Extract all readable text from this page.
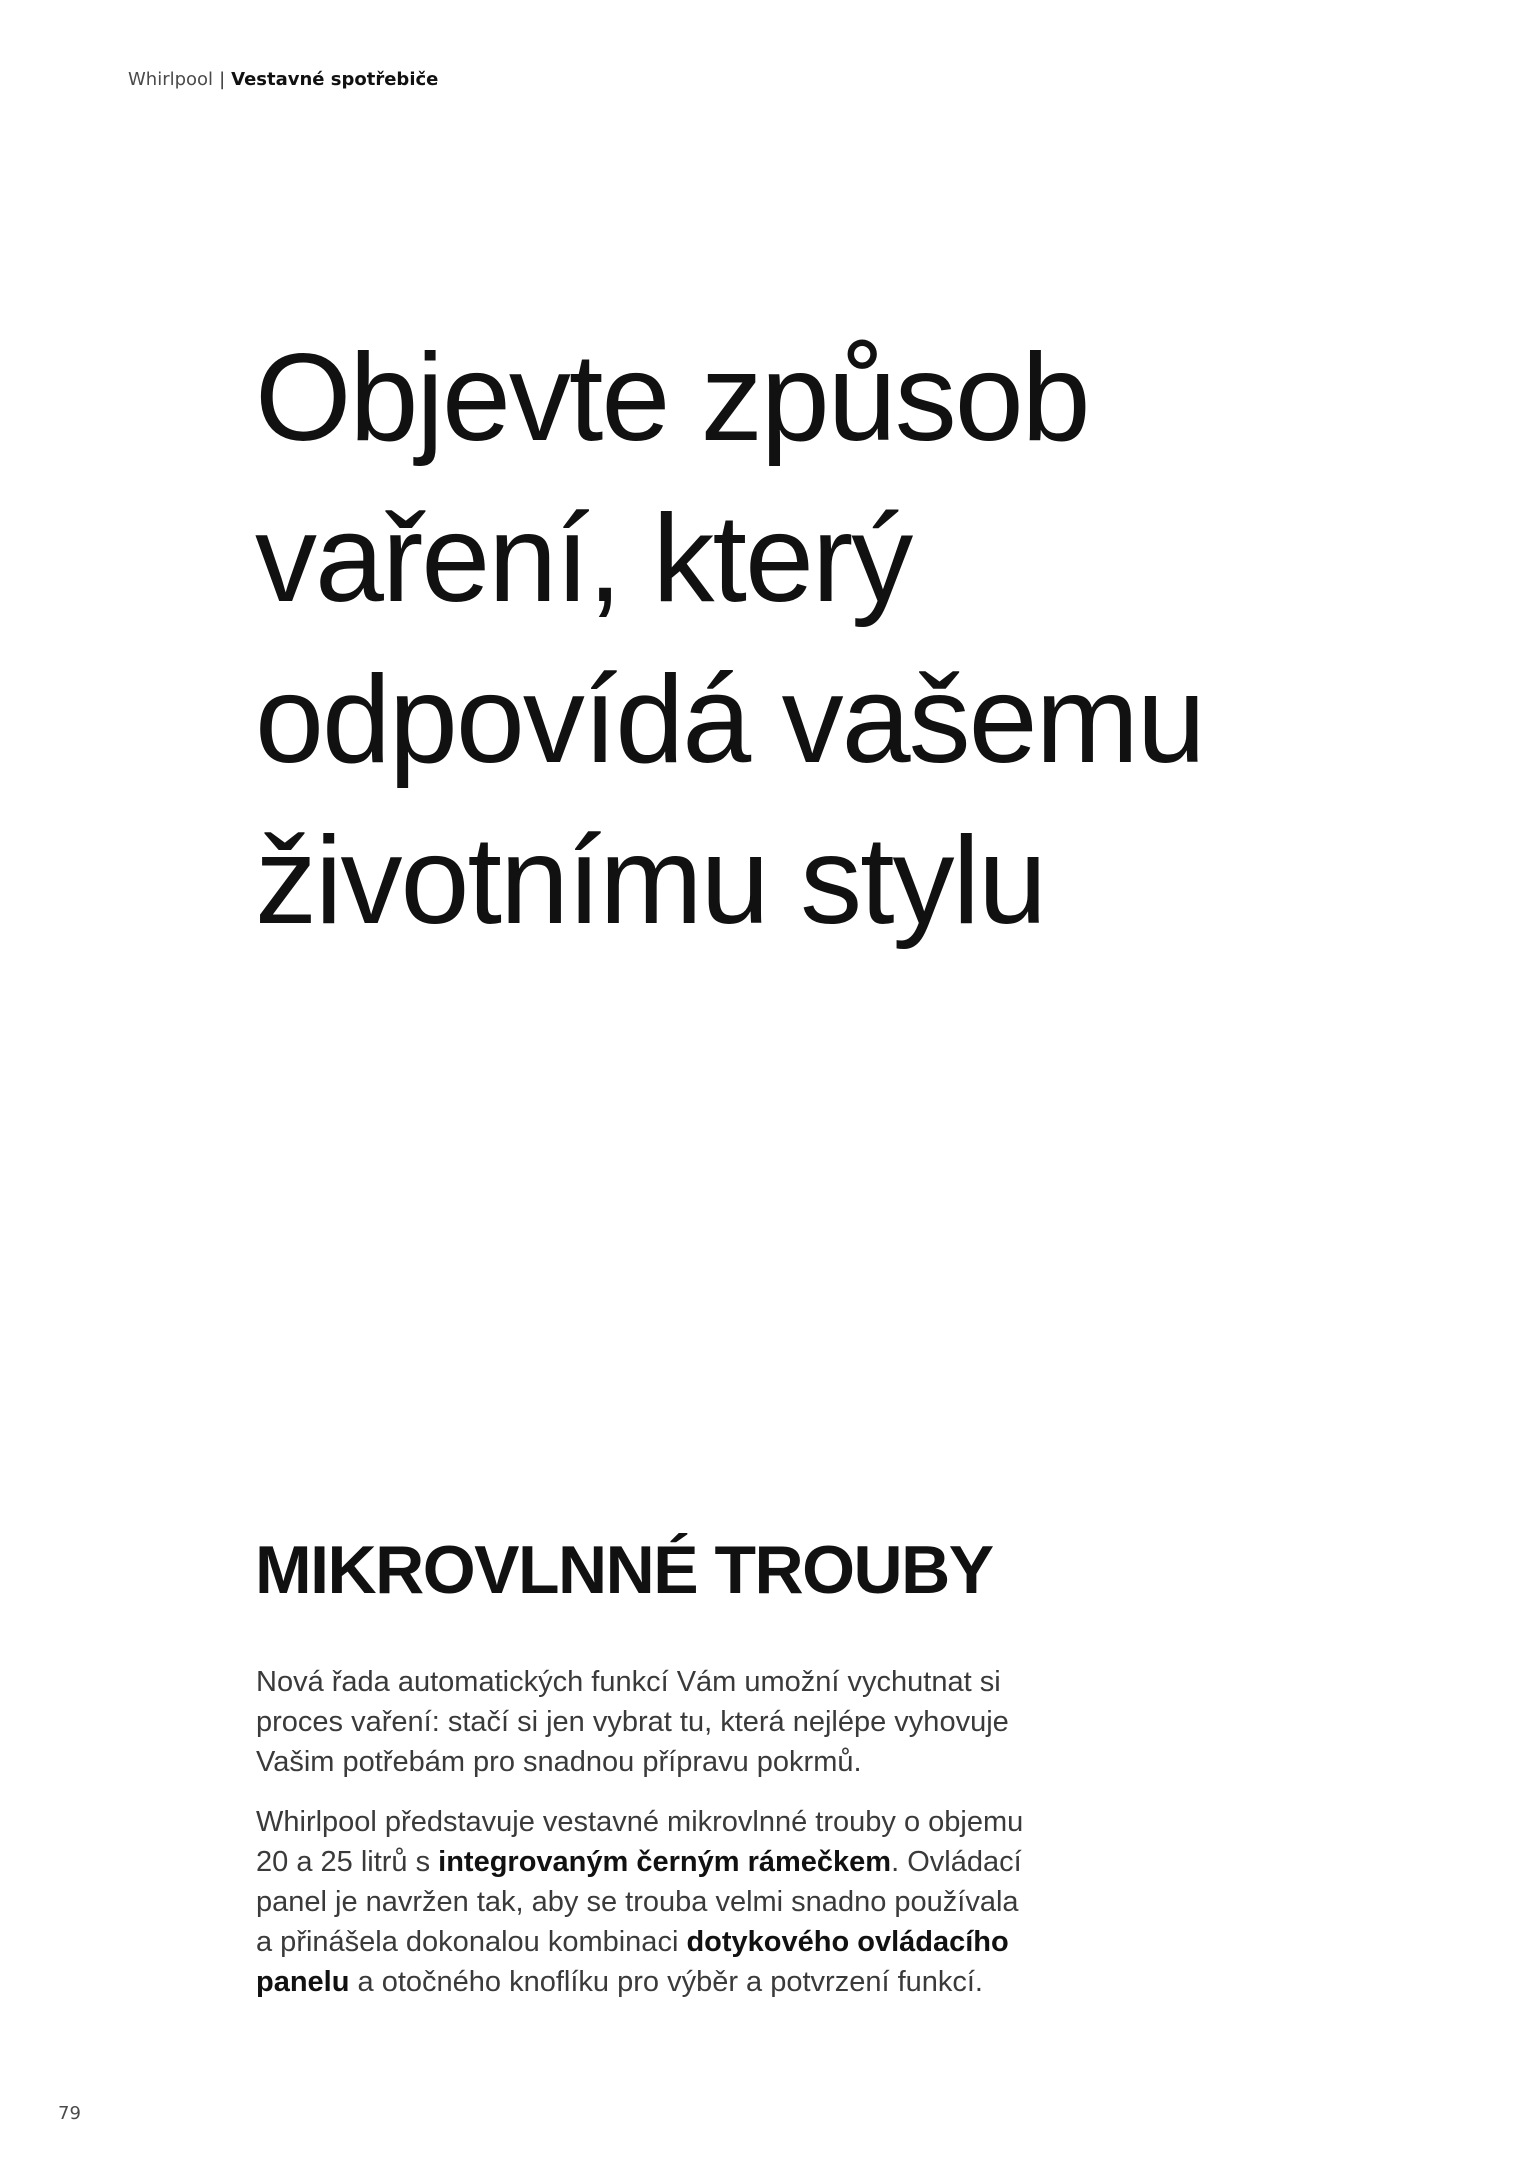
Whirlpool | Vestavné spotřebiče
Objevte způsob
vaření, který
odpovídá vašemu
životnímu stylu
MIKROVLNNÉ TROUBY

Nová řada automatických funkcí Vám umožní vychutnat si
proces vaření: stačí si jen vybrat tu, která nejlépe vyhovuje
Vašim potřebám pro snadnou přípravu pokrmů.

Whirlpool představuje vestavné mikrovlnné trouby o objemu
20 a 25 litrů s integrovaným černým rámečkem. Ovládací
panel je navržen tak, aby se trouba velmi snadno používala
a přinášela dokonalou kombinaci dotykového ovládacího
panelu a otočného knoflíku pro výběr a potvrzení funkcí.

79
